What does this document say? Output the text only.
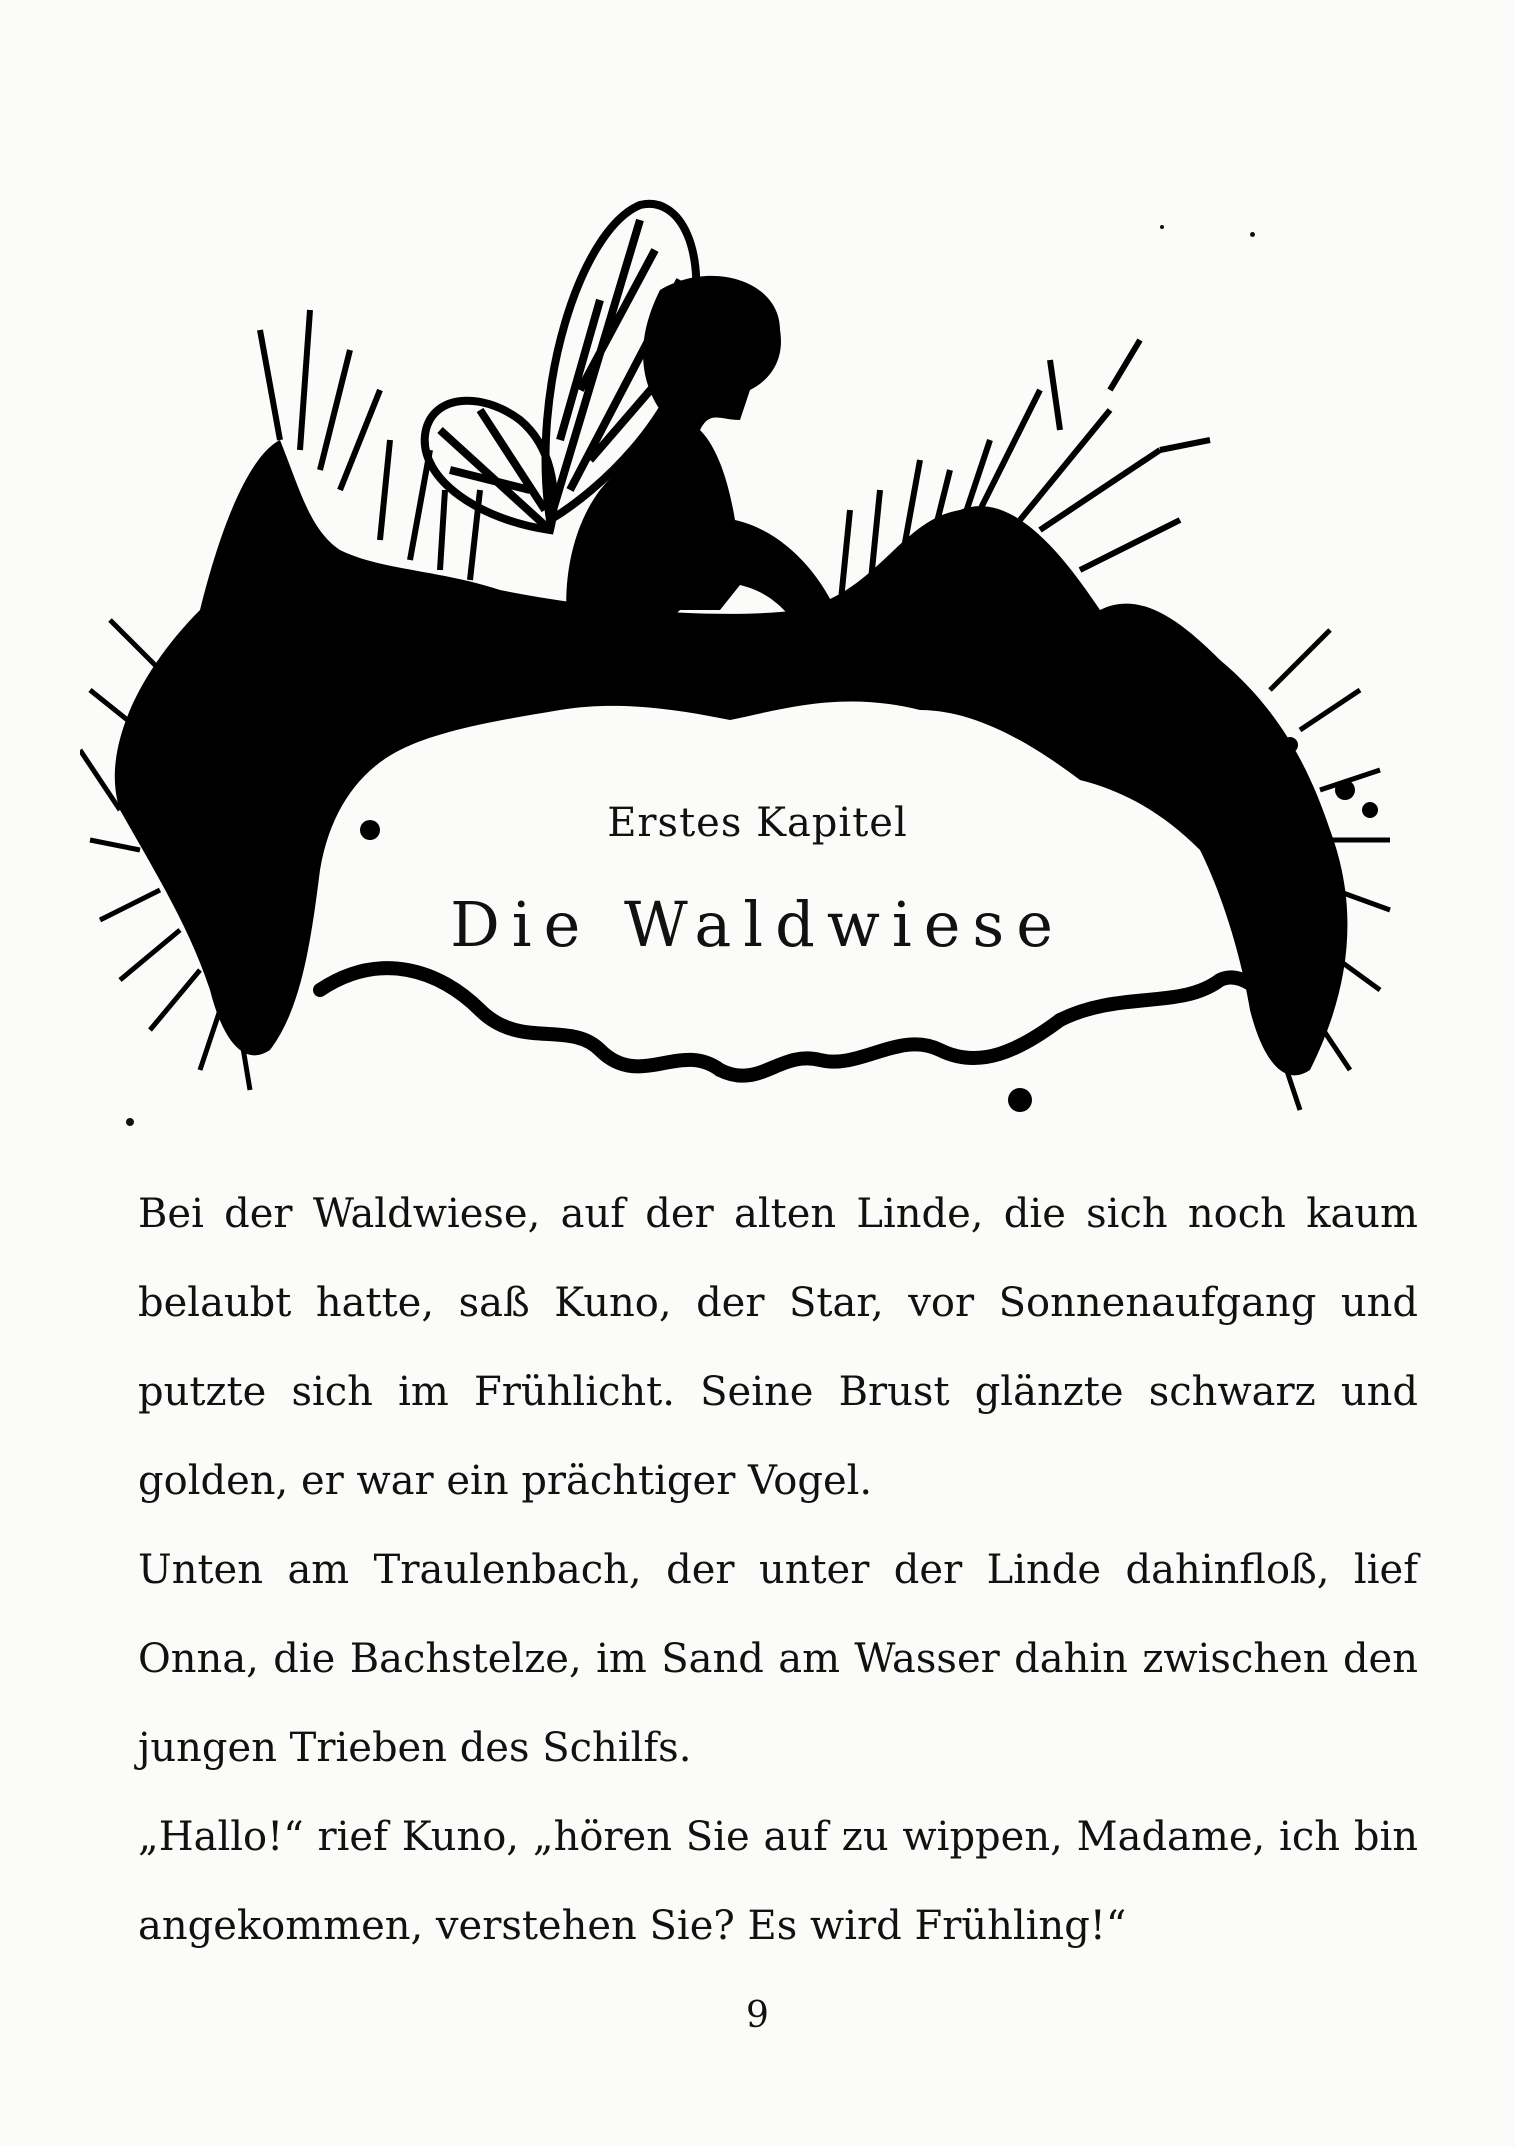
Erstes Kapitel
Die Waldwiese

Bei der Waldwiese, auf der alten Linde, die sich noch kaum belaubt hatte, saß Kuno, der Star, vor Sonnenaufgang und putzte sich im Frühlicht. Seine Brust glänzte schwarz und golden, er war ein prächtiger Vogel.

Unten am Traulenbach, der unter der Linde dahinfloß, lief Onna, die Bachstelze, im Sand am Wasser dahin zwischen den jungen Trieben des Schilfs.

„Hallo!“ rief Kuno, „hören Sie auf zu wippen, Madame, ich bin angekommen, verstehen Sie? Es wird Frühling!“

9
